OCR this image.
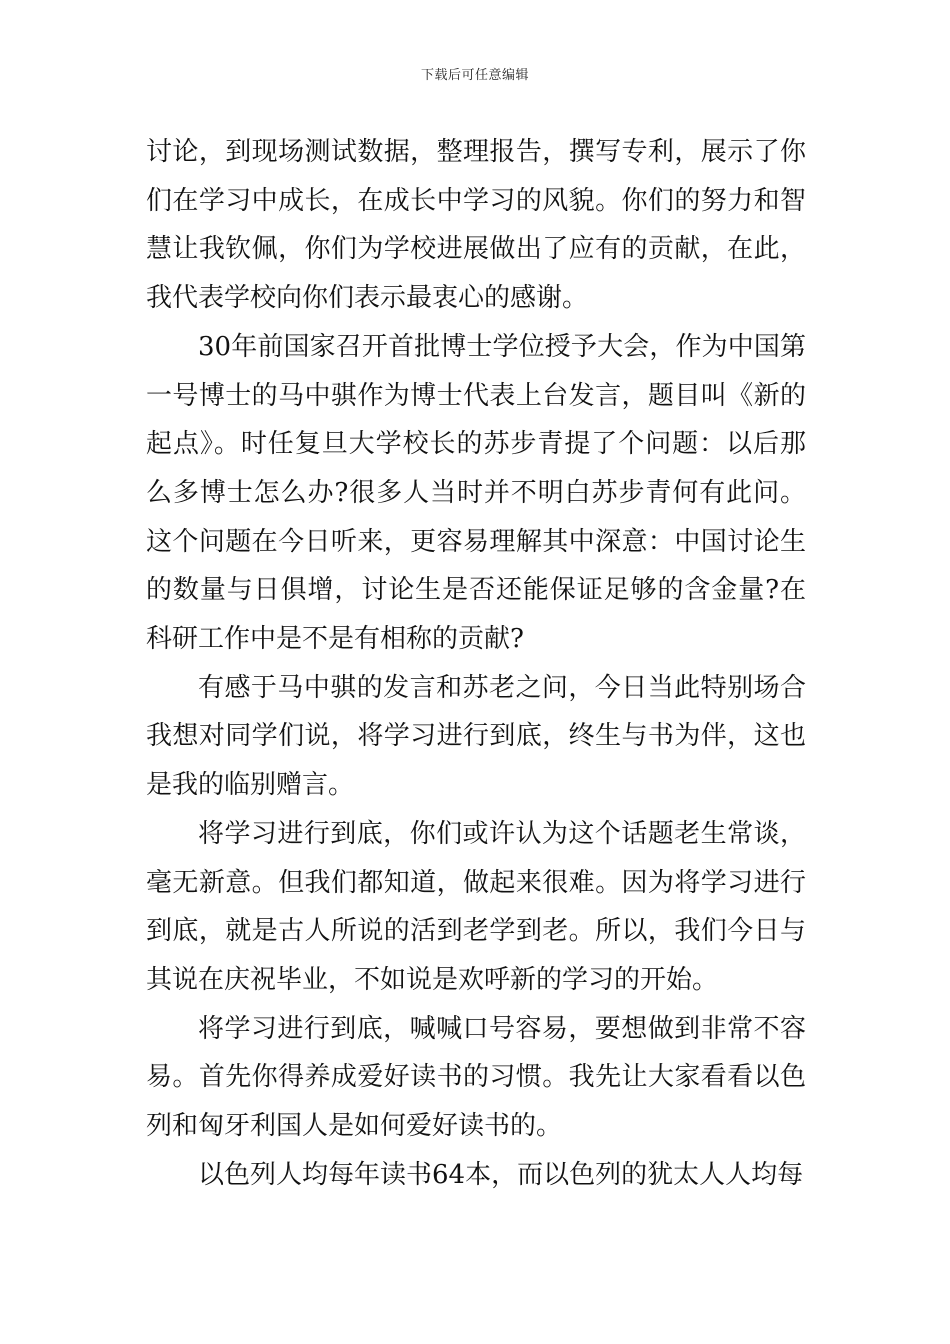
下载后可任意编辑

讨论，到现场测试数据，整理报告，撰写专利，展示了你们在学习中成长，在成长中学习的风貌。你们的努力和智慧让我钦佩，你们为学校进展做出了应有的贡献，在此，我代表学校向你们表示最衷心的感谢。

30年前国家召开首批博士学位授予大会，作为中国第一号博士的马中骐作为博士代表上台发言，题目叫《新的起点》。时任复旦大学校长的苏步青提了个问题：以后那么多博士怎么办?很多人当时并不明白苏步青何有此问。这个问题在今日听来，更容易理解其中深意：中国讨论生的数量与日俱增，讨论生是否还能保证足够的含金量?在科研工作中是不是有相称的贡献?

有感于马中骐的发言和苏老之问，今日当此特别场合我想对同学们说，将学习进行到底，终生与书为伴，这也是我的临别赠言。

将学习进行到底，你们或许认为这个话题老生常谈，毫无新意。但我们都知道，做起来很难。因为将学习进行到底，就是古人所说的活到老学到老。所以，我们今日与其说在庆祝毕业，不如说是欢呼新的学习的开始。

将学习进行到底，喊喊口号容易，要想做到非常不容易。首先你得养成爱好读书的习惯。我先让大家看看以色列和匈牙利国人是如何爱好读书的。

以色列人均每年读书64本，而以色列的犹太人人均每
